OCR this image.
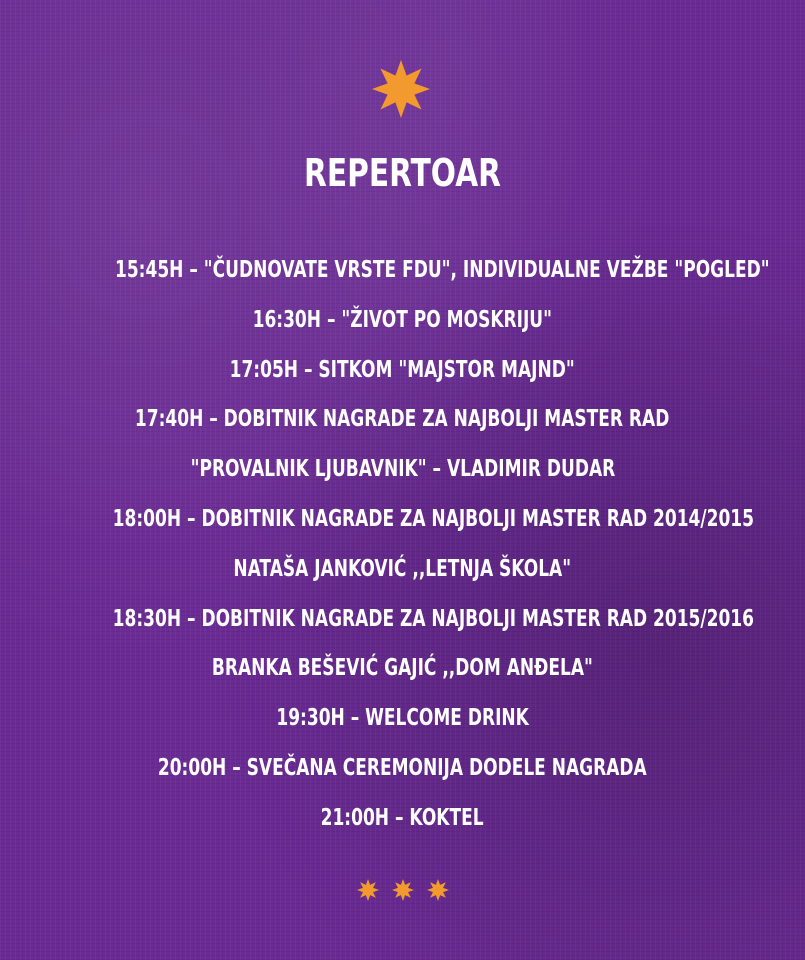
REPERTOAR
15:45H – "ČUDNOVATE VRSTE FDU", INDIVIDUALNE VEŽBE "POGLED"
16:30H – "ŽIVOT PO MOSKRIJU"
17:05H – SITKOM "MAJSTOR MAJND"
17:40H – DOBITNIK NAGRADE ZA NAJBOLJI MASTER RAD
"PROVALNIK LJUBAVNIK" – VLADIMIR DUDAR
18:00H – DOBITNIK NAGRADE ZA NAJBOLJI MASTER RAD 2014/2015
NATAŠA JANKOVIĆ ,,LETNJA ŠKOLA"
18:30H – DOBITNIK NAGRADE ZA NAJBOLJI MASTER RAD 2015/2016
BRANKA BEŠEVIĆ GAJIĆ ,,DOM ANĐELA"
19:30H – WELCOME DRINK
20:00H – SVEČANA CEREMONIJA DODELE NAGRADA
21:00H – KOKTEL
